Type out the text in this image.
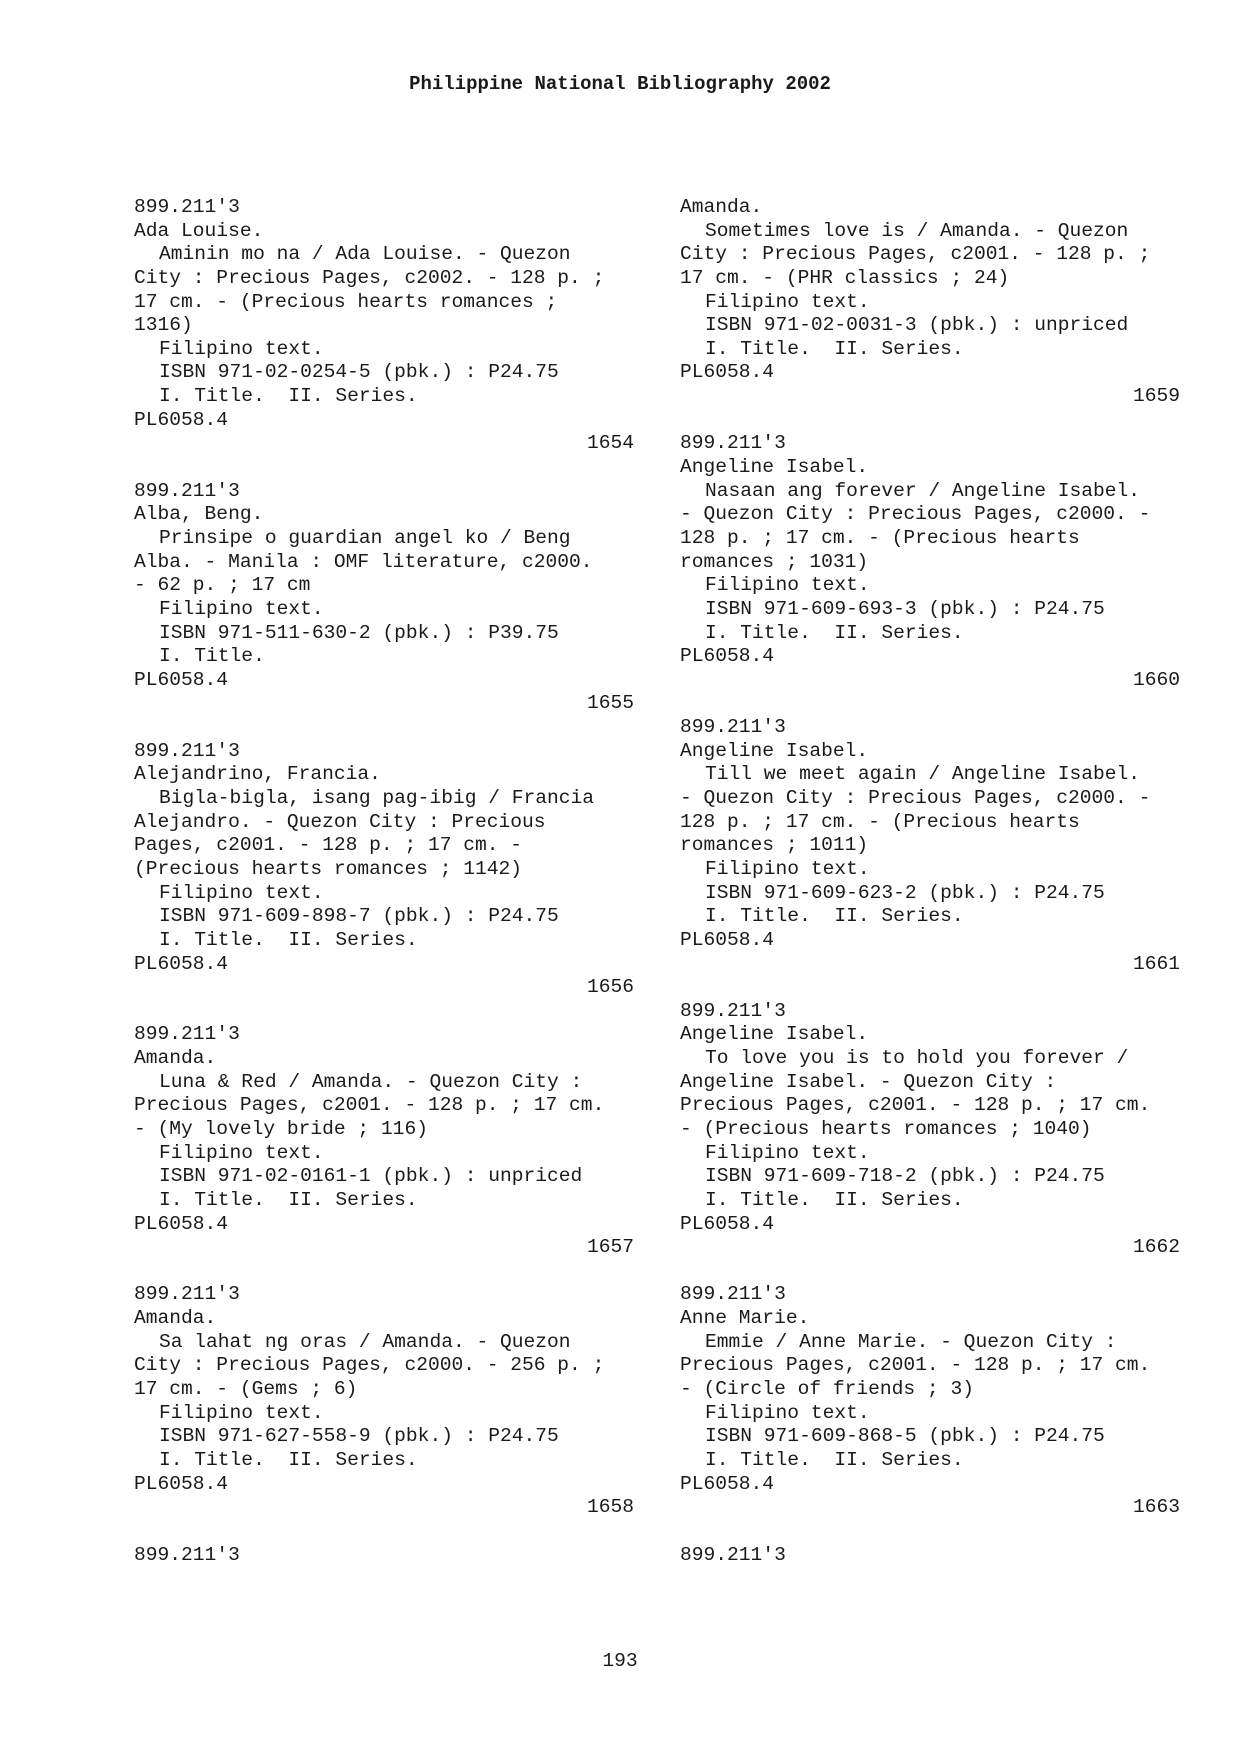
Philippine National Bibliography 2002
899.211'3
Ada Louise.
Aminin mo na / Ada Louise. - Quezon
City : Precious Pages, c2002. - 128 p. ;
17 cm. - (Precious hearts romances ;
1316)
Filipino text.
ISBN 971-02-0254-5 (pbk.) : P24.75
I. Title.  II. Series.
PL6058.4
1654
899.211'3
Alba, Beng.
Prinsipe o guardian angel ko / Beng
Alba. - Manila : OMF literature, c2000.
- 62 p. ; 17 cm
Filipino text.
ISBN 971-511-630-2 (pbk.) : P39.75
I. Title.
PL6058.4
1655
899.211'3
Alejandrino, Francia.
Bigla-bigla, isang pag-ibig / Francia
Alejandro. - Quezon City : Precious
Pages, c2001. - 128 p. ; 17 cm. -
(Precious hearts romances ; 1142)
Filipino text.
ISBN 971-609-898-7 (pbk.) : P24.75
I. Title.  II. Series.
PL6058.4
1656
899.211'3
Amanda.
Luna & Red / Amanda. - Quezon City :
Precious Pages, c2001. - 128 p. ; 17 cm.
- (My lovely bride ; 116)
Filipino text.
ISBN 971-02-0161-1 (pbk.) : unpriced
I. Title.  II. Series.
PL6058.4
1657
899.211'3
Amanda.
Sa lahat ng oras / Amanda. - Quezon
City : Precious Pages, c2000. - 256 p. ;
17 cm. - (Gems ; 6)
Filipino text.
ISBN 971-627-558-9 (pbk.) : P24.75
I. Title.  II. Series.
PL6058.4
1658
899.211'3
Amanda.
Sometimes love is / Amanda. - Quezon
City : Precious Pages, c2001. - 128 p. ;
17 cm. - (PHR classics ; 24)
Filipino text.
ISBN 971-02-0031-3 (pbk.) : unpriced
I. Title.  II. Series.
PL6058.4
1659
899.211'3
Angeline Isabel.
Nasaan ang forever / Angeline Isabel.
- Quezon City : Precious Pages, c2000. -
128 p. ; 17 cm. - (Precious hearts
romances ; 1031)
Filipino text.
ISBN 971-609-693-3 (pbk.) : P24.75
I. Title.  II. Series.
PL6058.4
1660
899.211'3
Angeline Isabel.
Till we meet again / Angeline Isabel.
- Quezon City : Precious Pages, c2000. -
128 p. ; 17 cm. - (Precious hearts
romances ; 1011)
Filipino text.
ISBN 971-609-623-2 (pbk.) : P24.75
I. Title.  II. Series.
PL6058.4
1661
899.211'3
Angeline Isabel.
To love you is to hold you forever /
Angeline Isabel. - Quezon City :
Precious Pages, c2001. - 128 p. ; 17 cm.
- (Precious hearts romances ; 1040)
Filipino text.
ISBN 971-609-718-2 (pbk.) : P24.75
I. Title.  II. Series.
PL6058.4
1662
899.211'3
Anne Marie.
Emmie / Anne Marie. - Quezon City :
Precious Pages, c2001. - 128 p. ; 17 cm.
- (Circle of friends ; 3)
Filipino text.
ISBN 971-609-868-5 (pbk.) : P24.75
I. Title.  II. Series.
PL6058.4
1663
899.211'3
193
